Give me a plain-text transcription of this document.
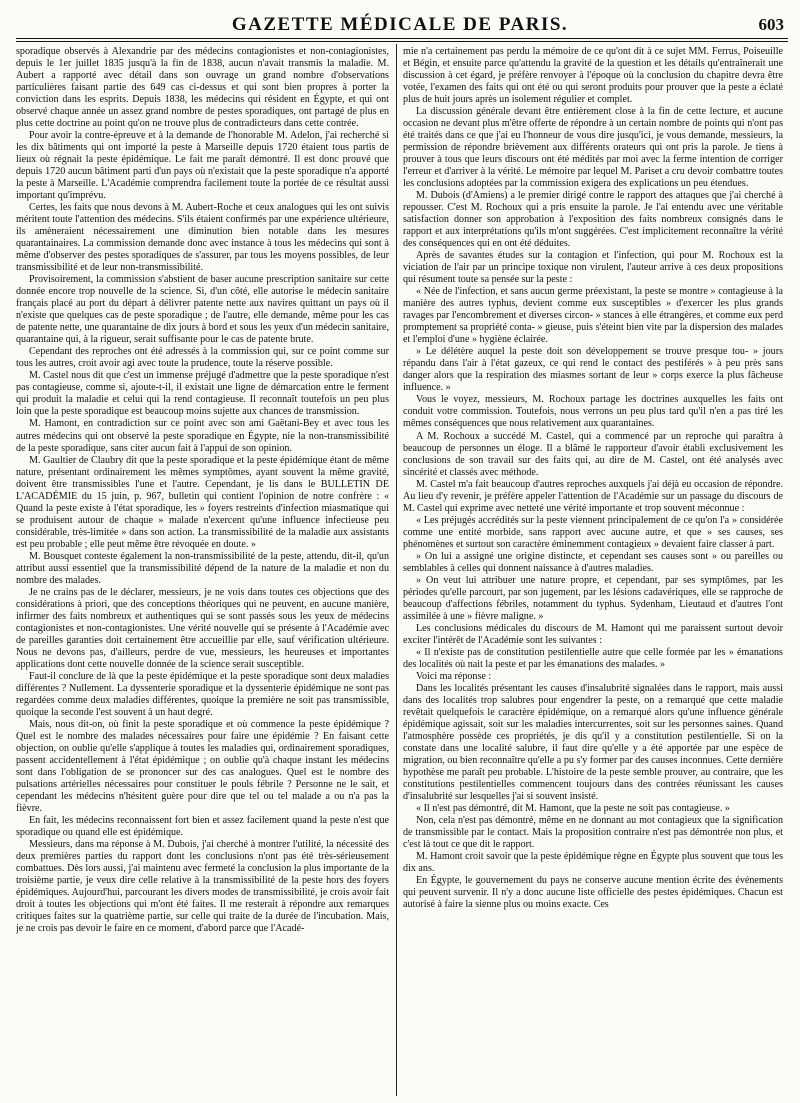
GAZETTE MÉDICALE DE PARIS.	603

sporadique observés à Alexandrie par des médecins contagionistes et non-contagionistes, depuis le 1er juillet 1835 jusqu'à la fin de 1838, aucun n'avait transmis la maladie. M. Aubert a rapporté avec détail dans son ouvrage un grand nombre d'observations particulières faisant partie des 649 cas ci-dessus et qui sont bien propres à porter la conviction dans les esprits. Depuis 1838, les médecins qui résident en Égypte, et qui ont observé chaque année un assez grand nombre de pestes sporadiques, ont partagé de plus en plus cette doctrine au point qu'on ne trouve plus de contradicteurs dans cette contrée.

Pour avoir la contre-épreuve et à la demande de l'honorable M. Adelon, j'ai recherché si les dix bâtiments qui ont importé la peste à Marseille depuis 1720 étaient tous partis de lieux où régnait la peste épidémique. Le fait me paraît démontré. Il est donc prouvé que depuis 1720 aucun bâtiment parti d'un pays où n'existait que la peste sporadique n'a apporté la peste à Marseille. L'Académie comprendra facilement toute la portée de ce résultat aussi important qu'imprévu.

Certes, les faits que nous devons à M. Aubert-Roche et ceux analogues qui les ont suivis méritent toute l'attention des médecins. S'ils étaient confirmés par une expérience ultérieure, ils amèneraient nécessairement une diminution bien notable dans les mesures quarantainaires. La commission demande donc avec instance à tous les médecins qui sont à même d'observer des pestes sporadiques de s'assurer, par tous les moyens possibles, de leur transmissibilité et de leur non-transmissibilité.

Provisoirement, la commission s'abstient de baser aucune prescription sanitaire sur cette donnée encore trop nouvelle de la science. Si, d'un côté, elle autorise le médecin sanitaire français placé au port du départ à délivrer patente nette aux navires quittant un pays où il n'existe que quelques cas de peste sporadique ; de l'autre, elle demande, même pour les cas de patente nette, une quarantaine de dix jours à bord et sous les yeux d'un médecin sanitaire, quarantaine qui, à la rigueur, serait suffisante pour le cas de patente brute.

Cependant des reproches ont été adressés à la commission qui, sur ce point comme sur tous les autres, croit avoir agi avec toute la prudence, toute la réserve possible.

M. Castel nous dit que c'est un immense préjugé d'admettre que la peste sporadique n'est pas contagieuse, comme si, ajoute-t-il, il existait une ligne de démarcation entre le ferment qui produit la maladie et celui qui la rend contagieuse. Il reconnaît toutefois un peu plus loin que la peste sporadique est beaucoup moins sujette aux chances de transmission.

M. Hamont, en contradiction sur ce point avec son ami Gaëtani-Bey et avec tous les autres médecins qui ont observé la peste sporadique en Égypte, nie la non-transmissibilité de la peste sporadique, sans citer aucun fait à l'appui de son opinion.

M. Gaultier de Claubry dit que la peste sporadique et la peste épidémique étant de même nature, présentant ordinairement les mêmes symptômes, ayant souvent la même gravité, doivent être transmissibles l'une et l'autre. Cependant, je lis dans le BULLETIN DE L'ACADÉMIE du 15 juin, p. 967, bulletin qui contient l'opinion de notre confrère : « Quand la peste existe à l'état sporadique, les » foyers restreints d'infection miasmatique qui se produisent autour de chaque » malade n'exercent qu'une influence infectieuse peu considérable, très-limitée » dans son action. La transmissibilité de la maladie aux assistants est peu probable ; elle peut même être révoquée en doute. »

M. Bousquet conteste également la non-transmissibilité de la peste, attendu, dit-il, qu'un attribut aussi essentiel que la transmissibilité dépend de la nature de la maladie et non du nombre des malades.

Je ne crains pas de le déclarer, messieurs, je ne vois dans toutes ces objections que des considérations à priori, que des conceptions théoriques qui ne peuvent, en aucune manière, infirmer des faits nombreux et authentiques qui se sont passés sous les yeux de médecins contagionistes et non-contagionistes. Une vérité nouvelle qui se présente à l'Académie avec de pareilles garanties doit certainement être accueillie par elle, sauf vérification ultérieure. Nous ne devons pas, d'ailleurs, perdre de vue, messieurs, les heureuses et importantes applications dont cette nouvelle donnée de la science serait susceptible.

Faut-il conclure de là que la peste épidémique et la peste sporadique sont deux maladies différentes ? Nullement. La dyssenterie sporadique et la dyssenterie épidémique ne sont pas regardées comme deux maladies différentes, quoique la première ne soit pas transmissible, quoique la seconde l'est souvent à un haut degré.

Mais, nous dit-on, où finit la peste sporadique et où commence la peste épidémique ? Quel est le nombre des malades nécessaires pour faire une épidémie ? En faisant cette objection, on oublie qu'elle s'applique à toutes les maladies qui, ordinairement sporadiques, passent accidentellement à l'état épidémique ; on oublie qu'à chaque instant les médecins sont dans l'obligation de se prononcer sur des cas analogues. Quel est le nombre des pulsations artérielles nécessaires pour constituer le pouls fébrile ? Personne ne le sait, et cependant les médecins n'hésitent guère pour dire que tel ou tel malade a ou n'a pas la fièvre.

En fait, les médecins reconnaissent fort bien et assez facilement quand la peste n'est que sporadique ou quand elle est épidémique.

Messieurs, dans ma réponse à M. Dubois, j'ai cherché à montrer l'utilité, la nécessité des deux premières parties du rapport dont les conclusions n'ont pas été très-sérieusement combattues. Dès lors aussi, j'ai maintenu avec fermeté la conclusion la plus importante de la troisième partie, je veux dire celle relative à la transmissibilité de la peste hors des foyers épidémiques. Aujourd'hui, parcourant les divers modes de transmissibilité, je crois avoir fait droit à toutes les objections qui m'ont été faites. Il me resterait à répondre aux remarques critiques faites sur la quatrième partie, sur celle qui traite de la durée de l'incubation. Mais, je ne crois pas devoir le faire en ce moment, d'abord parce que l'Acadé-

mie n'a certainement pas perdu la mémoire de ce qu'ont dit à ce sujet MM. Ferrus, Poiseuille et Bégin, et ensuite parce qu'attendu la gravité de la question et les détails qu'entraînerait une discussion à cet égard, je préfère renvoyer à l'époque où la conclusion du chapitre devra être votée, l'examen des faits qui ont été ou qui seront produits pour prouver que la peste a éclaté plus de huit jours après un isolement régulier et complet.

La discussion générale devant être entièrement close à la fin de cette lecture, et aucune occasion ne devant plus m'être offerte de répondre à un certain nombre de points qui n'ont pas été traités dans ce que j'ai eu l'honneur de vous dire jusqu'ici, je vous demande, messieurs, la permission de répondre brièvement aux différents orateurs qui ont pris la parole. Je tiens à prouver à tous que leurs discours ont été médités par moi avec la ferme intention de corriger l'erreur et d'arriver à la vérité. Le mémoire par lequel M. Pariset a cru devoir combattre toutes les conclusions adoptées par la commission exigera des explications un peu étendues.

M. Dubois (d'Amiens) a le premier dirigé contre le rapport des attaques que j'ai cherché à repousser. C'est M. Rochoux qui a pris ensuite la parole. Je l'ai entendu avec une véritable satisfaction donner son approbation à l'exposition des faits nombreux consignés dans le rapport et aux interprétations qu'ils m'ont suggérées. C'est implicitement reconnaître la vérité des conséquences qui en ont été déduites.

Après de savantes études sur la contagion et l'infection, qui pour M. Rochoux est la viciation de l'air par un principe toxique non virulent, l'auteur arrive à ces deux propositions qui résument toute sa pensée sur la peste :

« Née de l'infection, et sans aucun germe préexistant, la peste se montre » contagieuse à la manière des autres typhus, devient comme eux susceptibles » d'exercer les plus grands ravages par l'encombrement et diverses circon- » stances à elle étrangères, et comme eux perd promptement sa propriété conta- » gieuse, puis s'éteint bien vite par la dispersion des malades et l'emploi d'une » hygiène éclairée.

» Le délétère auquel la peste doit son développement se trouve presque tou- » jours répandu dans l'air à l'état gazeux, ce qui rend le contact des pestiférés » à peu près sans danger alors que la respiration des miasmes sortant de leur » corps exerce la plus fâcheuse influence. »

Vous le voyez, messieurs, M. Rochoux partage les doctrines auxquelles les faits ont conduit votre commission. Toutefois, nous verrons un peu plus tard qu'il n'en a pas tiré les mêmes conséquences que nous relativement aux quarantaines.

A M. Rochoux a succédé M. Castel, qui a commencé par un reproche qui paraîtra à beaucoup de personnes un éloge. Il a blâmé le rapporteur d'avoir établi exclusivement les conclusions de son travail sur des faits qui, au dire de M. Castel, ont été analysés avec sincérité et classés avec méthode.

M. Castel m'a fait beaucoup d'autres reproches auxquels j'ai déjà eu occasion de répondre. Au lieu d'y revenir, je préfère appeler l'attention de l'Académie sur un passage du discours de M. Castel qui exprime avec netteté une vérité importante et trop souvent méconnue :

« Les préjugés accrédités sur la peste viennent principalement de ce qu'on l'a » considérée comme une entité morbide, sans rapport avec aucune autre, et que » ses causes, ses phénomènes et surtout son caractère éminemment contagieux » devaient faire classer à part.

» On lui a assigné une origine distincte, et cependant ses causes sont » ou pareilles ou semblables à celles qui donnent naissance à d'autres maladies.

» On veut lui attribuer une nature propre, et cependant, par ses symptômes, par les périodes qu'elle parcourt, par son jugement, par les lésions cadavériques, elle se rapproche de beaucoup d'affections fébriles, notamment du typhus. Sydenham, Lieutaud et d'autres l'ont assimilée à une » fièvre maligne. »

Les conclusions médicales du discours de M. Hamont qui me paraissent surtout devoir exciter l'intérêt de l'Académie sont les suivantes :

« Il n'existe pas de constitution pestilentielle autre que celle formée par les » émanations des localités où nait la peste et par les émanations des malades. »

Voici ma réponse :

Dans les localités présentant les causes d'insalubrité signalées dans le rapport, mais aussi dans des localités trop salubres pour engendrer la peste, on a remarqué que cette maladie revêtait quelquefois le caractère épidémique, on a remarqué alors qu'une influence générale épidémique agissait, soit sur les maladies intercurrentes, soit sur les personnes saines. Quand l'atmosphère possède ces propriétés, je dis qu'il y a constitution pestilentielle. Si on la constate dans une localité salubre, il faut dire qu'elle y a été apportée par une espèce de migration, ou bien reconnaître qu'elle a pu s'y former par des causes inconnues. Cette dernière hypothèse me paraît peu probable. L'histoire de la peste semble prouver, au contraire, que les constitutions pestilentielles commencent toujours dans des contrées réunissant les causes d'insalubrité sur lesquelles j'ai si souvent insisté.

« Il n'est pas démontré, dit M. Hamont, que la peste ne soit pas contagieuse. »

Non, cela n'est pas démontré, même en ne donnant au mot contagieux que la signification de transmissible par le contact. Mais la proposition contraire n'est pas démontrée non plus, et c'est là tout ce que dit le rapport.

M. Hamont croit savoir que la peste épidémique règne en Égypte plus souvent que tous les dix ans.

En Égypte, le gouvernement du pays ne conserve aucune mention écrite des événements qui peuvent survenir. Il n'y a donc aucune liste officielle des pestes épidémiques. Chacun est autorisé à faire la sienne plus ou moins exacte. Ces
